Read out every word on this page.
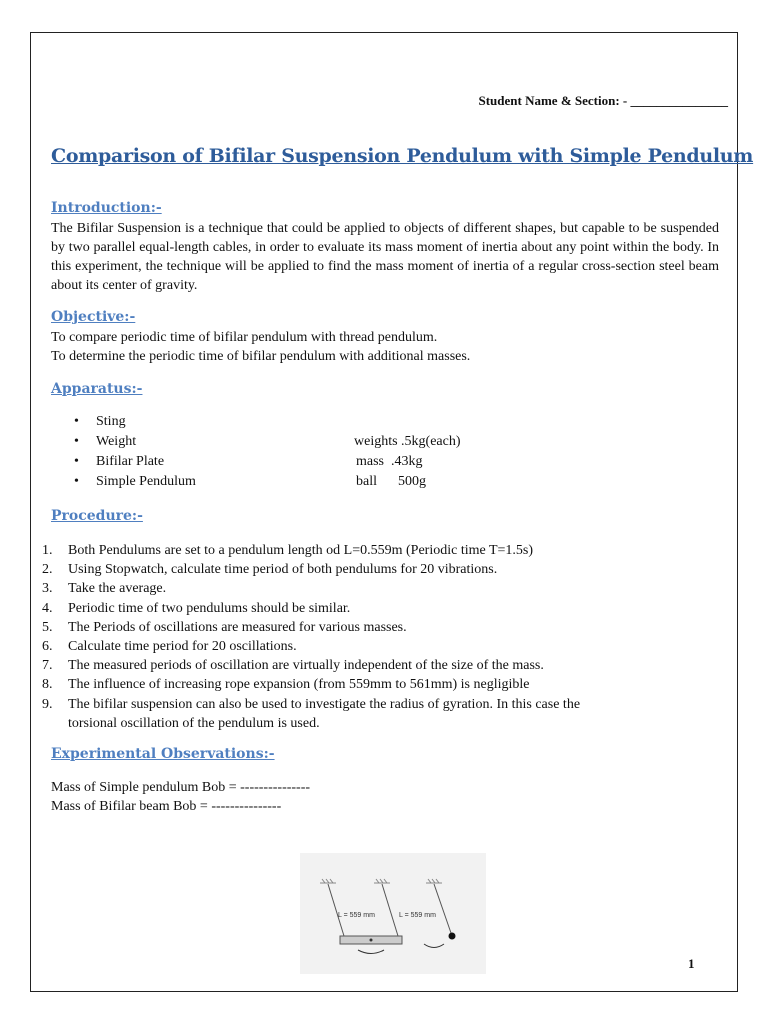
Student Name & Section: - _______________
Comparison of Bifilar Suspension Pendulum with Simple Pendulum
Introduction:-
The Bifilar Suspension is a technique that could be applied to objects of different shapes, but capable to be suspended by two parallel equal-length cables, in order to evaluate its mass moment of inertia about any point within the body. In this experiment, the technique will be applied to find the mass moment of inertia of a regular cross-section steel beam about its center of gravity.
Objective:-
To compare periodic time of bifilar pendulum with thread pendulum.
To determine the periodic time of bifilar pendulum with additional masses.
Apparatus:-
• Sting
• Weight	weights .5kg(each)
• Bifilar Plate	mass  .43kg
• Simple Pendulum	ball      500g
Procedure:-
1. Both Pendulums are set to a pendulum length od L=0.559m (Periodic time T=1.5s)
2. Using Stopwatch, calculate time period of both pendulums for 20 vibrations.
3. Take the average.
4. Periodic time of two pendulums should be similar.
5. The Periods of oscillations are measured for various masses.
6. Calculate time period for 20 oscillations.
7. The measured periods of oscillation are virtually independent of the size of the mass.
8. The influence of increasing rope expansion (from 559mm to 561mm) is negligible
9. The bifilar suspension can also be used to investigate the radius of gyration. In this case the torsional oscillation of the pendulum is used.
Experimental Observations:-
Mass of Simple pendulum Bob = ---------------
Mass of Bifilar beam Bob = ---------------
L = 559 mm	L = 559 mm
1
